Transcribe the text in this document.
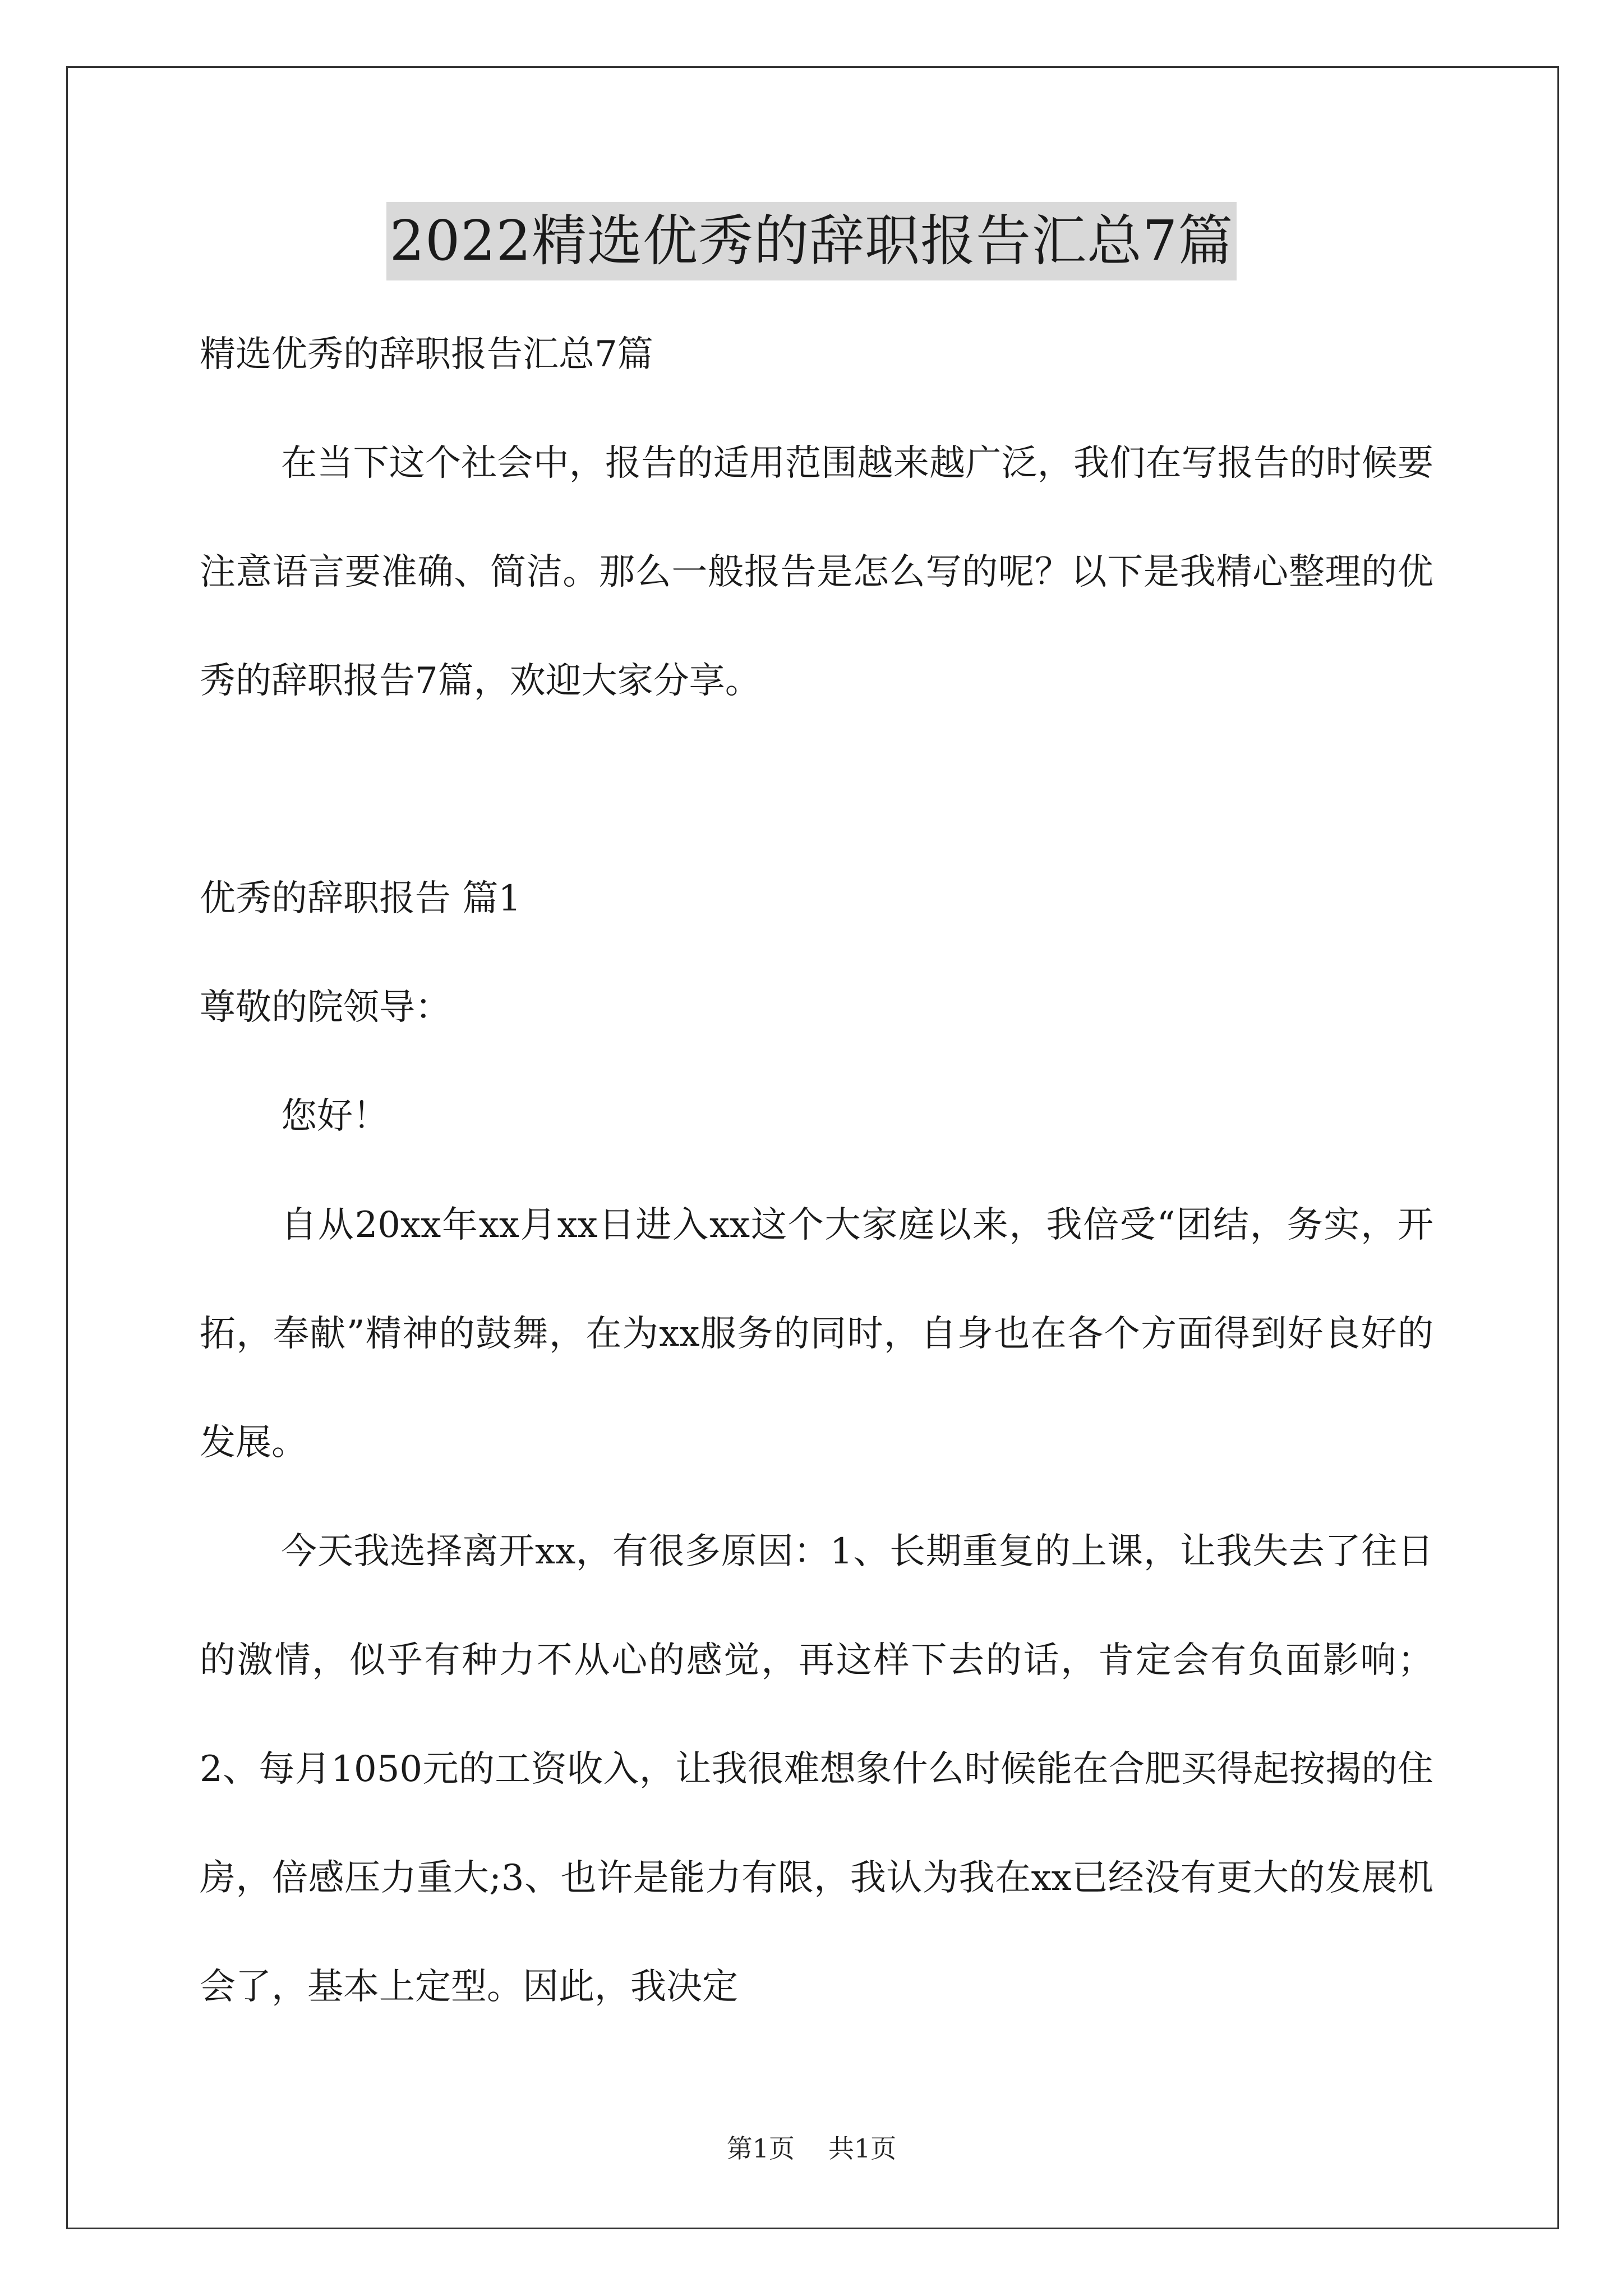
2022精选优秀的辞职报告汇总7篇

精选优秀的辞职报告汇总7篇

在当下这个社会中，报告的适用范围越来越广泛，我们在写报告的时候要注意语言要准确、简洁。那么一般报告是怎么写的呢？以下是我精心整理的优秀的辞职报告7篇，欢迎大家分享。

优秀的辞职报告 篇1

尊敬的院领导：

您好！

自从20xx年xx月xx日进入xx这个大家庭以来，我倍受“团结，务实，开拓，奉献”精神的鼓舞，在为xx服务的同时，自身也在各个方面得到好良好的发展。

今天我选择离开xx，有很多原因：1、长期重复的上课，让我失去了往日的激情，似乎有种力不从心的感觉，再这样下去的话，肯定会有负面影响；2、每月1050元的工资收入，让我很难想象什么时候能在合肥买得起按揭的住房，倍感压力重大;3、也许是能力有限，我认为我在xx已经没有更大的发展机会了，基本上定型。因此，我决定

第1页 共1页
